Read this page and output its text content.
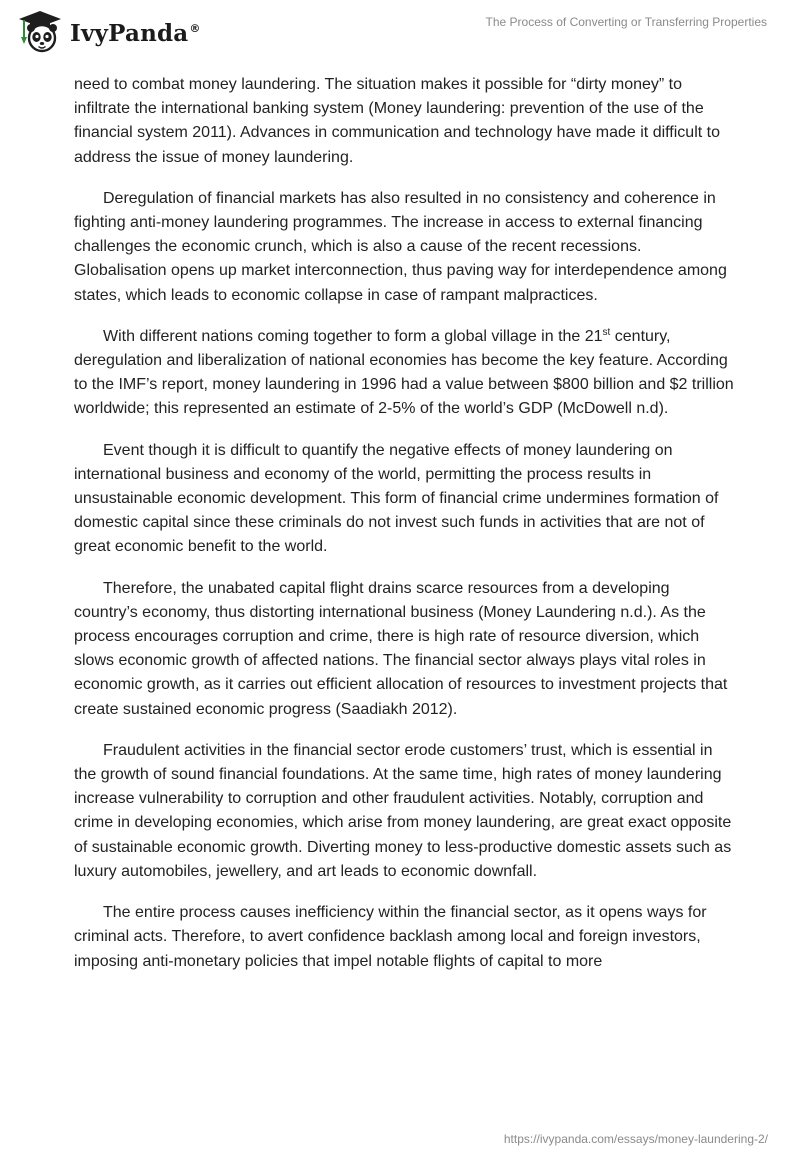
IvyPanda®	The Process of Converting or Transferring Properties

need to combat money laundering. The situation makes it possible for “dirty money” to infiltrate the international banking system (Money laundering: prevention of the use of the financial system 2011). Advances in communication and technology have made it difficult to address the issue of money laundering.

Deregulation of financial markets has also resulted in no consistency and coherence in fighting anti-money laundering programmes. The increase in access to external financing challenges the economic crunch, which is also a cause of the recent recessions. Globalisation opens up market interconnection, thus paving way for interdependence among states, which leads to economic collapse in case of rampant malpractices.

With different nations coming together to form a global village in the 21st century, deregulation and liberalization of national economies has become the key feature. According to the IMF’s report, money laundering in 1996 had a value between $800 billion and $2 trillion worldwide; this represented an estimate of 2-5% of the world’s GDP (McDowell n.d).

Event though it is difficult to quantify the negative effects of money laundering on international business and economy of the world, permitting the process results in unsustainable economic development. This form of financial crime undermines formation of domestic capital since these criminals do not invest such funds in activities that are not of great economic benefit to the world.

Therefore, the unabated capital flight drains scarce resources from a developing country’s economy, thus distorting international business (Money Laundering n.d.). As the process encourages corruption and crime, there is high rate of resource diversion, which slows economic growth of affected nations. The financial sector always plays vital roles in economic growth, as it carries out efficient allocation of resources to investment projects that create sustained economic progress (Saadiakh 2012).

Fraudulent activities in the financial sector erode customers’ trust, which is essential in the growth of sound financial foundations. At the same time, high rates of money laundering increase vulnerability to corruption and other fraudulent activities. Notably, corruption and crime in developing economies, which arise from money laundering, are great exact opposite of sustainable economic growth. Diverting money to less-productive domestic assets such as luxury automobiles, jewellery, and art leads to economic downfall.

The entire process causes inefficiency within the financial sector, as it opens ways for criminal acts. Therefore, to avert confidence backlash among local and foreign investors, imposing anti-monetary policies that impel notable flights of capital to more

https://ivypanda.com/essays/money-laundering-2/
